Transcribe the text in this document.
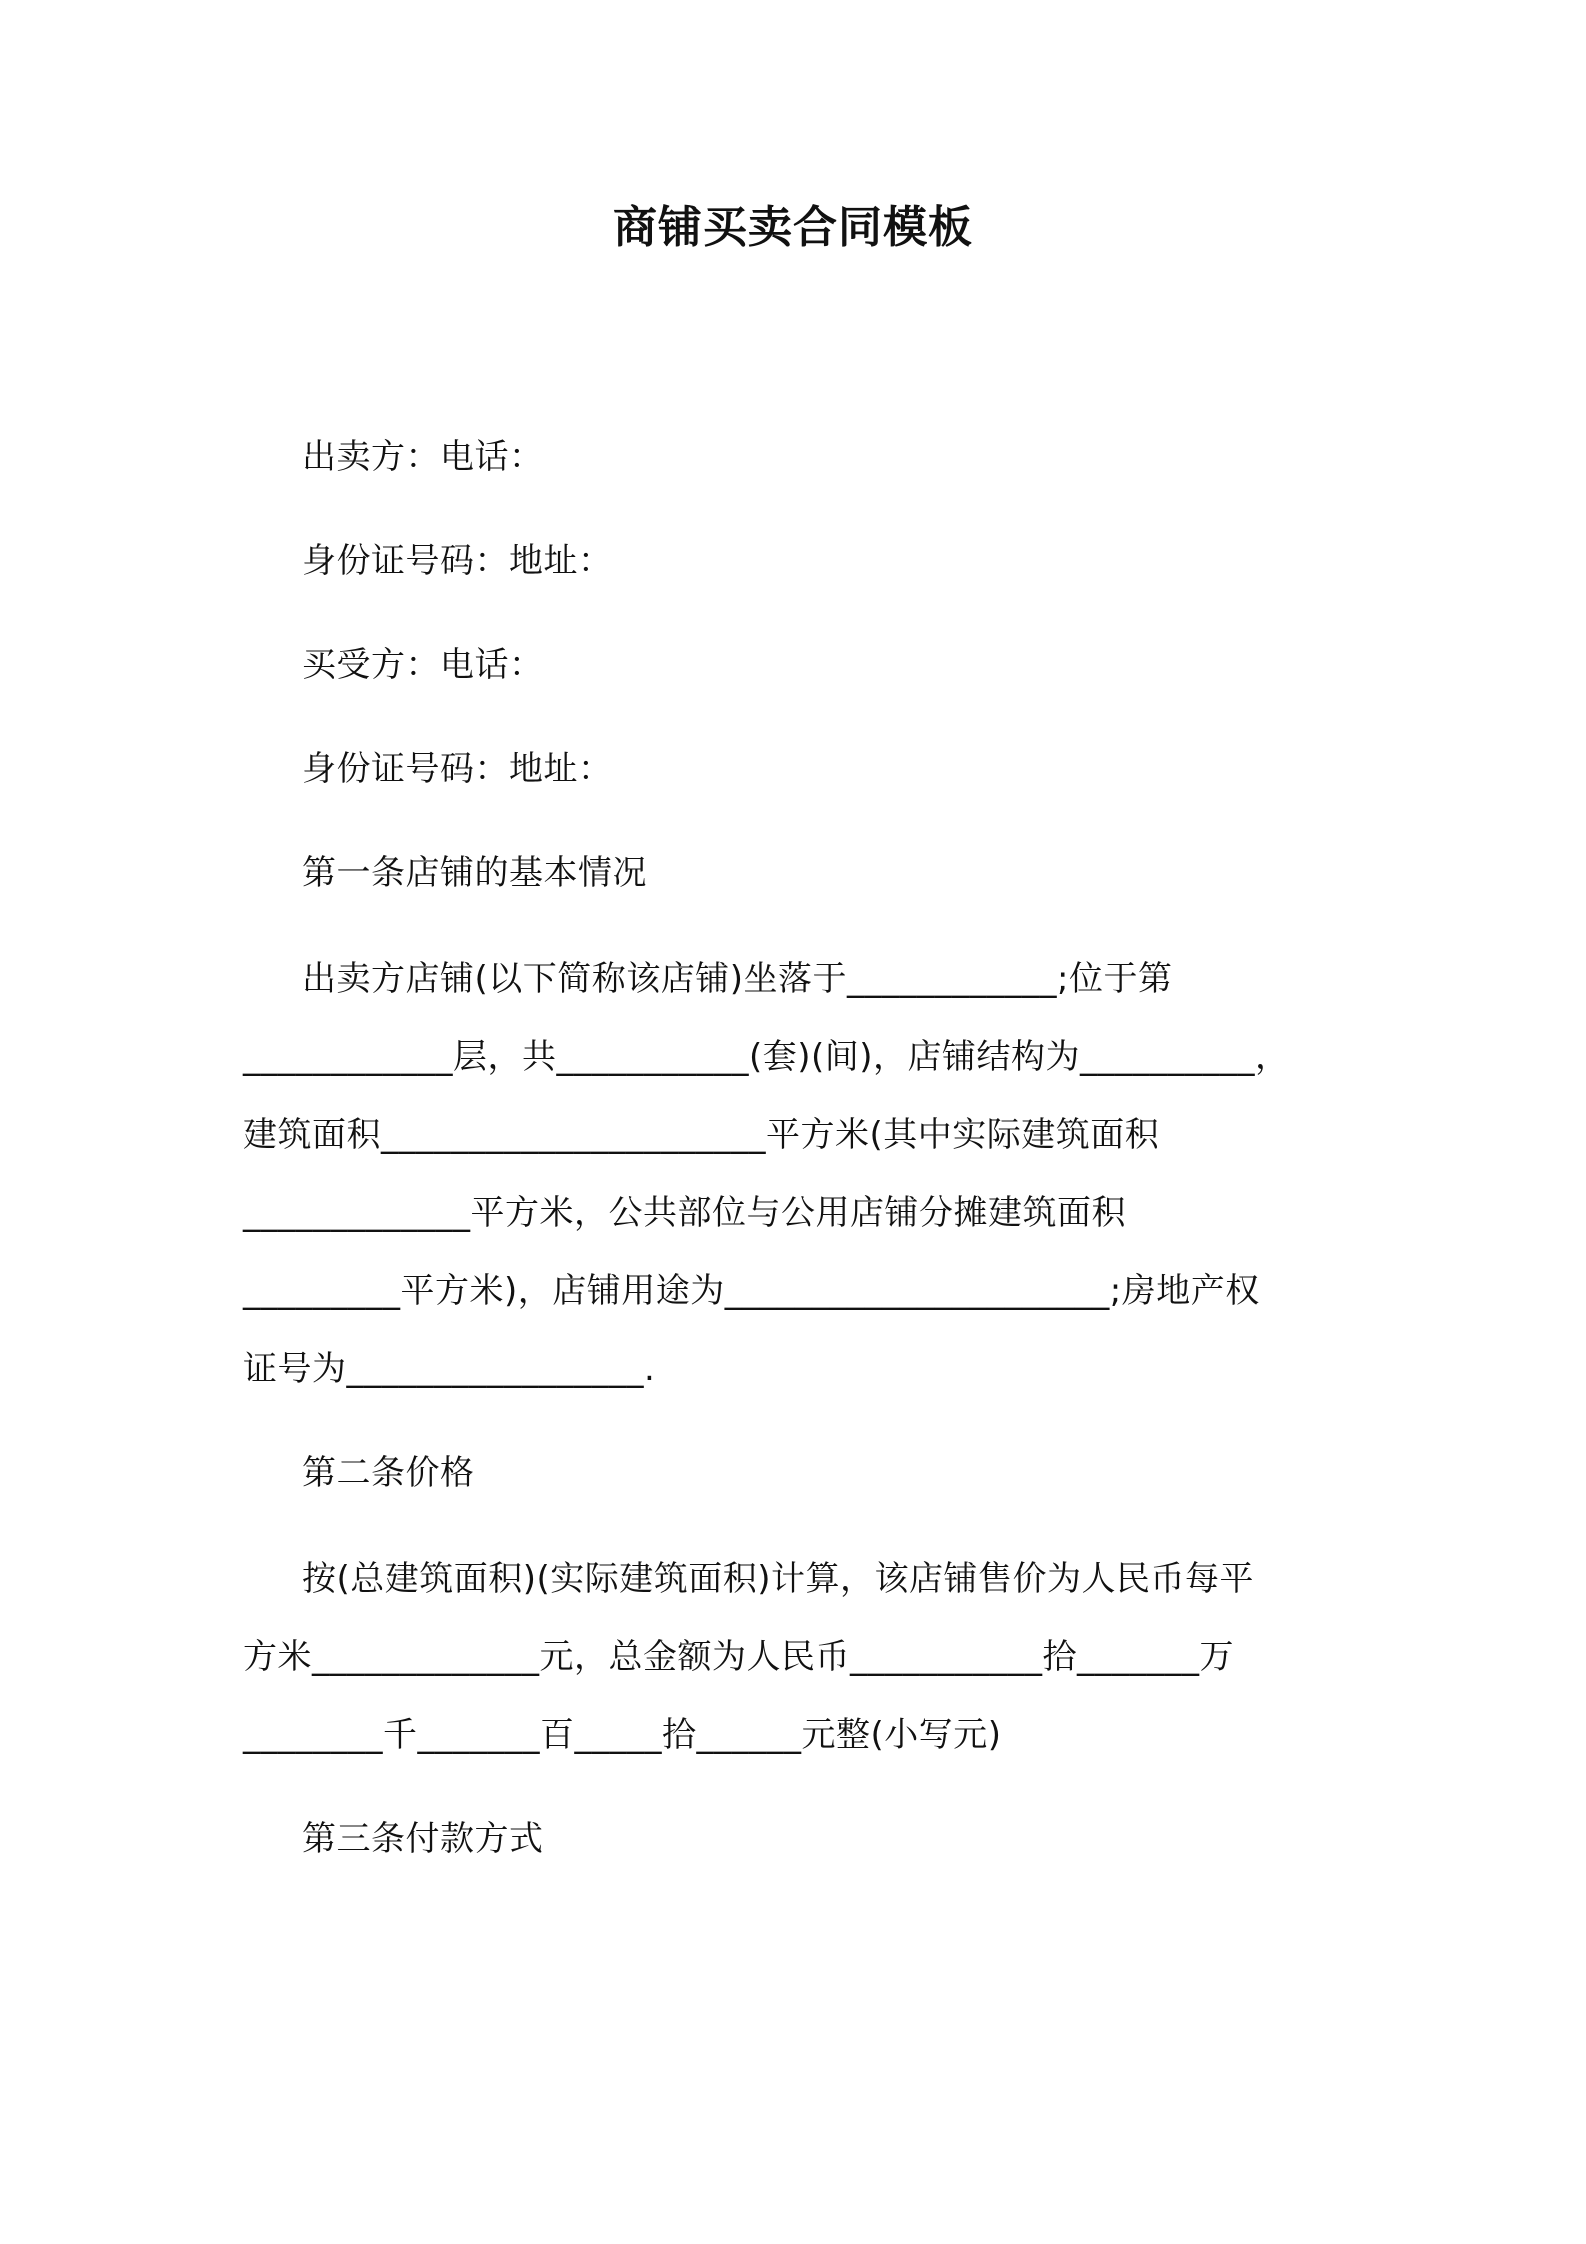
商铺买卖合同模板
出卖方：电话：
身份证号码：地址：
买受方：电话：
身份证号码：地址：
第一条店铺的基本情况
出卖方店铺(以下简称该店铺)坐落于____________;位于第
____________层，共___________(套)(间)，店铺结构为__________，
建筑面积______________________平方米(其中实际建筑面积
_____________平方米，公共部位与公用店铺分摊建筑面积
_________平方米)，店铺用途为______________________;房地产权
证号为_________________.
第二条价格
按(总建筑面积)(实际建筑面积)计算，该店铺售价为人民币每平
方米_____________元，总金额为人民币___________拾_______万
________千_______百_____拾______元整(小写元)
第三条付款方式
